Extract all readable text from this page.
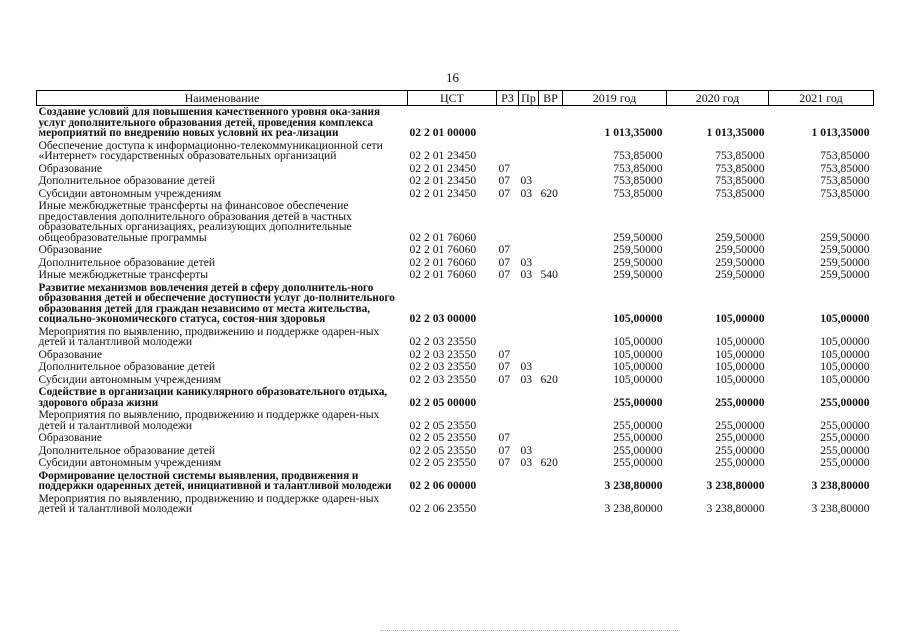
16
Наименование	ЦСТ	РЗ	Пр	ВР	2019 год	2020 год	2021 год
Создание условий для повышения качественного уровня ока-зания услуг дополнительного образования детей, проведения комплекса мероприятий по внедрению новых условий их реа-лизации	02 2 01 00000				1 013,35000	1 013,35000	1 013,35000
Обеспечение доступа к информационно-телекоммуникационной сети «Интернет» государственных образовательных организаций	02 2 01 23450				753,85000	753,85000	753,85000
Образование	02 2 01 23450	07			753,85000	753,85000	753,85000
Дополнительное образование детей	02 2 01 23450	07	03		753,85000	753,85000	753,85000
Субсидии автономным учреждениям	02 2 01 23450	07	03	620	753,85000	753,85000	753,85000
Иные межбюджетные трансферты на финансовое обеспечение предоставления дополнительного образования детей в частных образовательных организациях, реализующих дополнительные общеобразовательные программы	02 2 01 76060				259,50000	259,50000	259,50000
Образование	02 2 01 76060	07			259,50000	259,50000	259,50000
Дополнительное образование детей	02 2 01 76060	07	03		259,50000	259,50000	259,50000
Иные межбюджетные трансферты	02 2 01 76060	07	03	540	259,50000	259,50000	259,50000
Развитие механизмов вовлечения детей в сферу дополнитель-ного образования детей и обеспечение доступности услуг до-полнительного образования детей для граждан независимо от места жительства, социально-экономического статуса, состоя-ния здоровья	02 2 03 00000				105,00000	105,00000	105,00000
Мероприятия по выявлению, продвижению и поддержке одарен-ных детей и талантливой молодежи	02 2 03 23550				105,00000	105,00000	105,00000
Образование	02 2 03 23550	07			105,00000	105,00000	105,00000
Дополнительное образование детей	02 2 03 23550	07	03		105,00000	105,00000	105,00000
Субсидии автономным учреждениям	02 2 03 23550	07	03	620	105,00000	105,00000	105,00000
Содействие в организации каникулярного образовательного отдыха, здорового образа жизни	02 2 05 00000				255,00000	255,00000	255,00000
Мероприятия по выявлению, продвижению и поддержке одарен-ных детей и талантливой молодежи	02 2 05 23550				255,00000	255,00000	255,00000
Образование	02 2 05 23550	07			255,00000	255,00000	255,00000
Дополнительное образование детей	02 2 05 23550	07	03		255,00000	255,00000	255,00000
Субсидии автономным учреждениям	02 2 05 23550	07	03	620	255,00000	255,00000	255,00000
Формирование целостной системы выявления, продвижения и поддержки одаренных детей, инициативной и талантливой молодежи	02 2 06 00000				3 238,80000	3 238,80000	3 238,80000
Мероприятия по выявлению, продвижению и поддержке одарен-ных детей и талантливой молодежи	02 2 06 23550				3 238,80000	3 238,80000	3 238,80000
